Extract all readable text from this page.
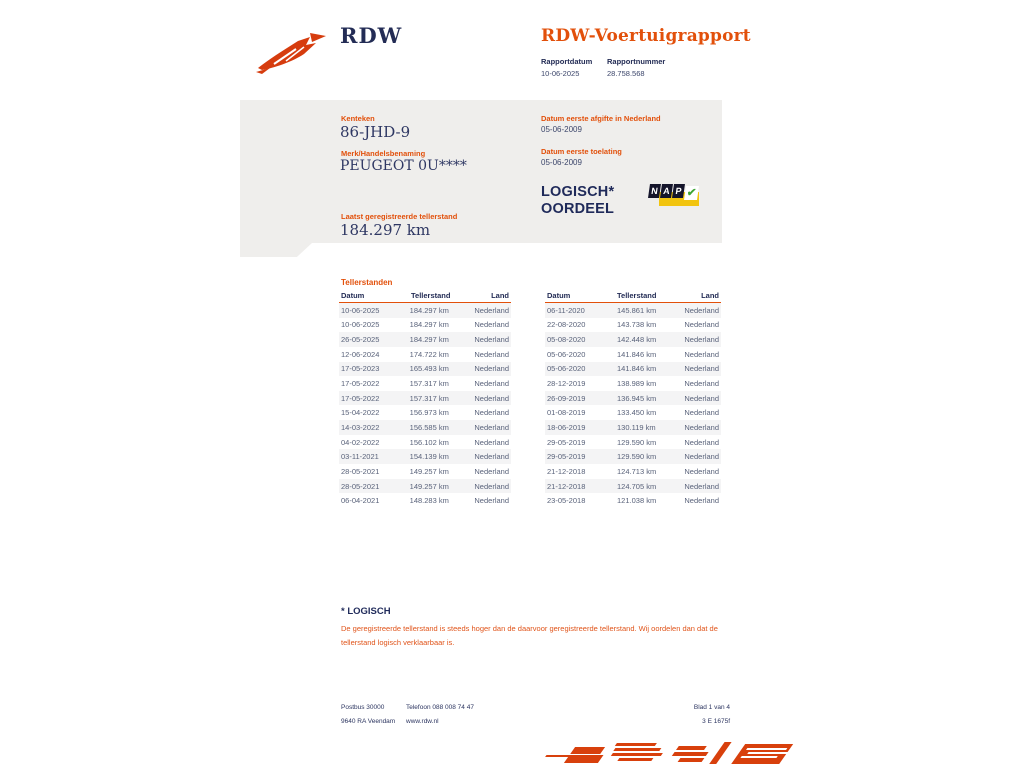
RDW	RDW-Voertuigrapport
Rapportdatum
10-06-2025
Rapportnummer
28.758.568
Kenteken
86-JHD-9
Merk/Handelsbenaming
PEUGEOT 0U****
Laatst geregistreerde tellerstand
184.297 km
Datum eerste afgifte in Nederland
05-06-2009
Datum eerste toelating
05-06-2009
LOGISCH*
OORDEEL
N A P ✔
Tellerstanden
Datum	Tellerstand	Land
10-06-2025	184.297 km	Nederland
10-06-2025	184.297 km	Nederland
26-05-2025	184.297 km	Nederland
12-06-2024	174.722 km	Nederland
17-05-2023	165.493 km	Nederland
17-05-2022	157.317 km	Nederland
17-05-2022	157.317 km	Nederland
15-04-2022	156.973 km	Nederland
14-03-2022	156.585 km	Nederland
04-02-2022	156.102 km	Nederland
03-11-2021	154.139 km	Nederland
28-05-2021	149.257 km	Nederland
28-05-2021	149.257 km	Nederland
06-04-2021	148.283 km	Nederland
Datum	Tellerstand	Land
06-11-2020	145.861 km	Nederland
22-08-2020	143.738 km	Nederland
05-08-2020	142.448 km	Nederland
05-06-2020	141.846 km	Nederland
05-06-2020	141.846 km	Nederland
28-12-2019	138.989 km	Nederland
26-09-2019	136.945 km	Nederland
01-08-2019	133.450 km	Nederland
18-06-2019	130.119 km	Nederland
29-05-2019	129.590 km	Nederland
29-05-2019	129.590 km	Nederland
21-12-2018	124.713 km	Nederland
21-12-2018	124.705 km	Nederland
23-05-2018	121.038 km	Nederland
* LOGISCH
De geregistreerde tellerstand is steeds hoger dan de daarvoor geregistreerde tellerstand. Wij oordelen dan dat de tellerstand logisch verklaarbaar is.
Postbus 30000
9640 RA Veendam
Telefoon 088 008 74 47
www.rdw.nl
Blad 1 van 4
3 E 1675f
